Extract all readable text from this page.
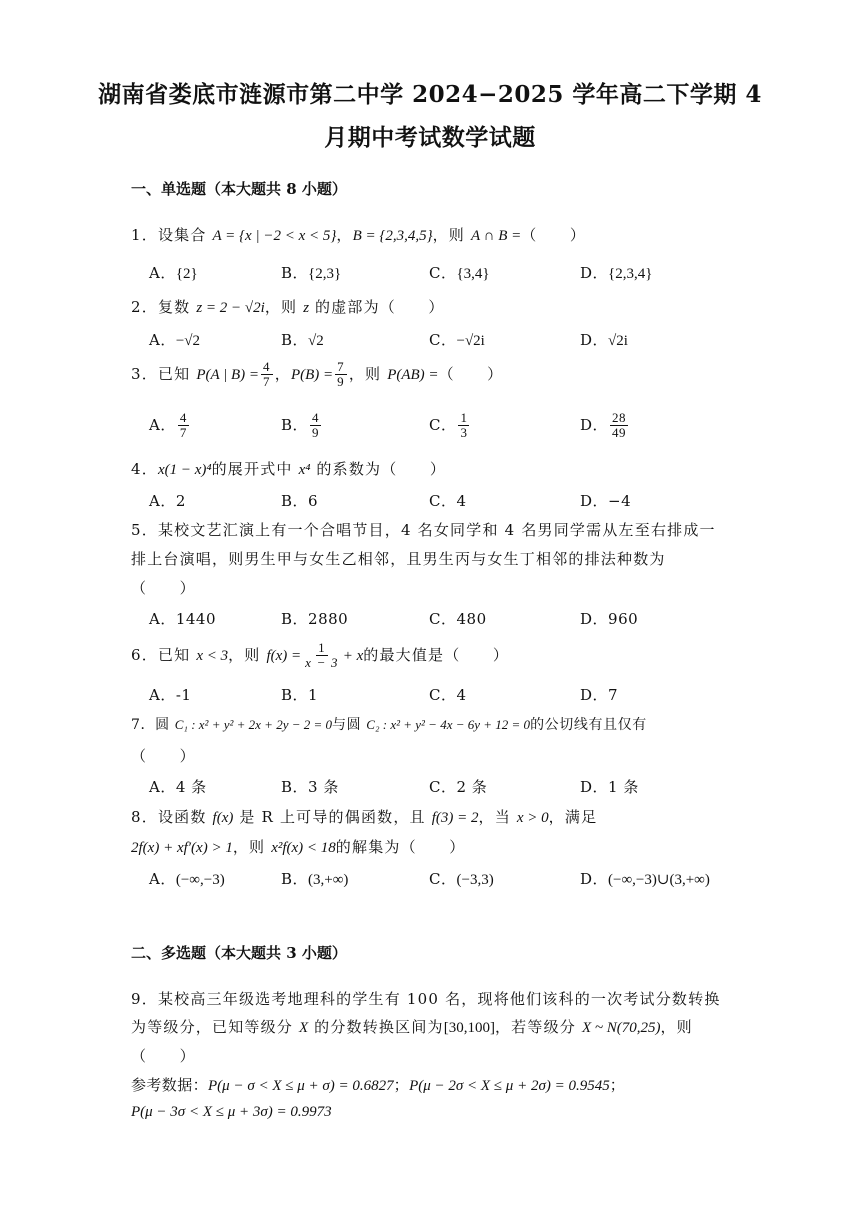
湖南省娄底市涟源市第二中学 2024−2025 学年高二下学期 4
月期中考试数学试题
一、单选题（本大题共 8 小题）
1．设集合 A = {x | −2 < x < 5}，B = {2,3,4,5}，则 A ∩ B =（　　）
A．{2}	B．{2,3}	C．{3,4}	D．{2,3,4}
2．复数 z = 2 − √2i，则 z 的虚部为（　　）
A．−√2	B．√2	C．−√2i	D．√2i
3．已知 P(A | $B) = \frac{4}{7}$ ，$P(B) = \frac{7}{9}$ ，则 P(AB) =（　　）
A． $\frac{4}{7}$	B． $\frac{4}{9}$	C． $\frac{1}{3}$	D． $\frac{28}{49}$
4．x(1 − x)⁴的展开式中 x⁴ 的系数为（　　）
A．2	B．6	C．4	D．−4
5．某校文艺汇演上有一个合唱节目，4 名女同学和 4 名男同学需从左至右排成一
排上台演唱，则男生甲与女生乙相邻，且男生丙与女生丁相邻的排法种数为
（　　）
A．1440	B．2880	C．480	D．960
6．已知 x < 3，则 $f(x) = \frac{1}{x - 3} + x$的最大值是（　　）
A．-1	B．1	C．4	D．7
7．圆 C₁ : x² + y² + 2x + 2y − 2 = 0与圆 C₂ : x² + y² − 4x − 6y + 12 = 0的公切线有且仅有
（　　）
A．4 条	B．3 条	C．2 条	D．1 条
8．设函数 f(x) 是 R 上可导的偶函数，且 f(3) = 2，当 x > 0，满足
2f(x) + xf′(x) > 1，则 x²f(x) < 18的解集为（　　）
A．(−∞,−3)	B．(3,+∞)	C．(−3,3)	D．(−∞,−3)∪(3,+∞)
二、多选题（本大题共 3 小题）
9．某校高三年级选考地理科的学生有 100 名，现将他们该科的一次考试分数转换
为等级分，已知等级分 X 的分数转换区间为[30,100]，若等级分 X ~ N(70,25)，则
（　　）
参考数据：P(μ − σ < X ≤ μ + σ) = 0.6827；P(μ − 2σ < X ≤ μ + 2σ) = 0.9545；
P(μ − 3σ < X ≤ μ + 3σ) = 0.9973
